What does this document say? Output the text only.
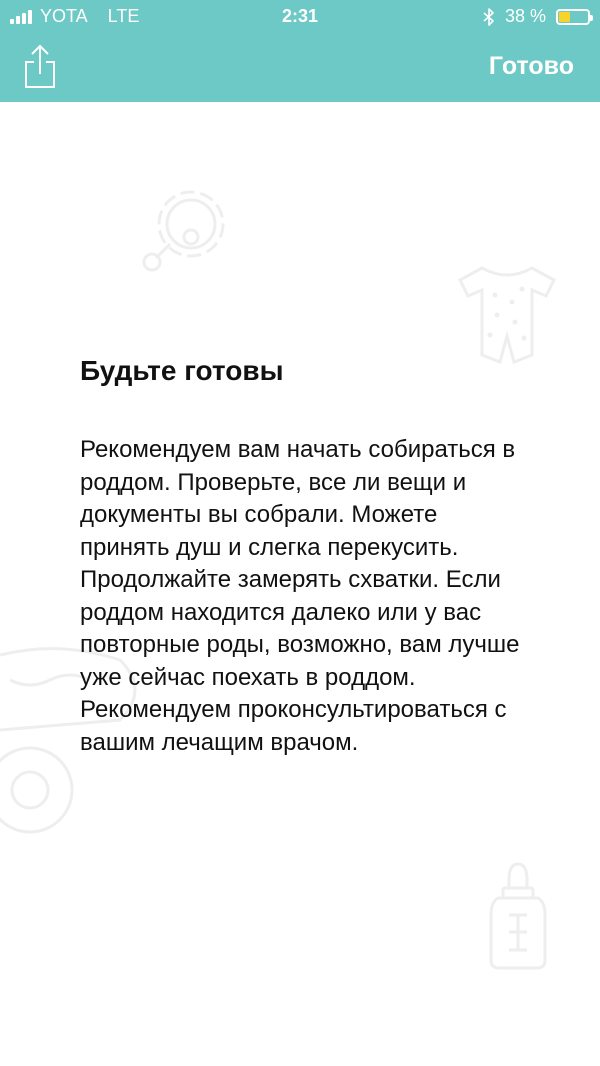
YOTA LTE	2:31	38 %
Готово
Будьте готовы

Рекомендуем вам начать собираться в роддом. Проверьте, все ли вещи и документы вы собрали. Можете принять душ и слегка перекусить. Продолжайте замерять схватки. Если роддом находится далеко или у вас повторные роды, возможно, вам лучше уже сейчас поехать в роддом. Рекомендуем проконсультироваться с вашим лечащим врачом.
